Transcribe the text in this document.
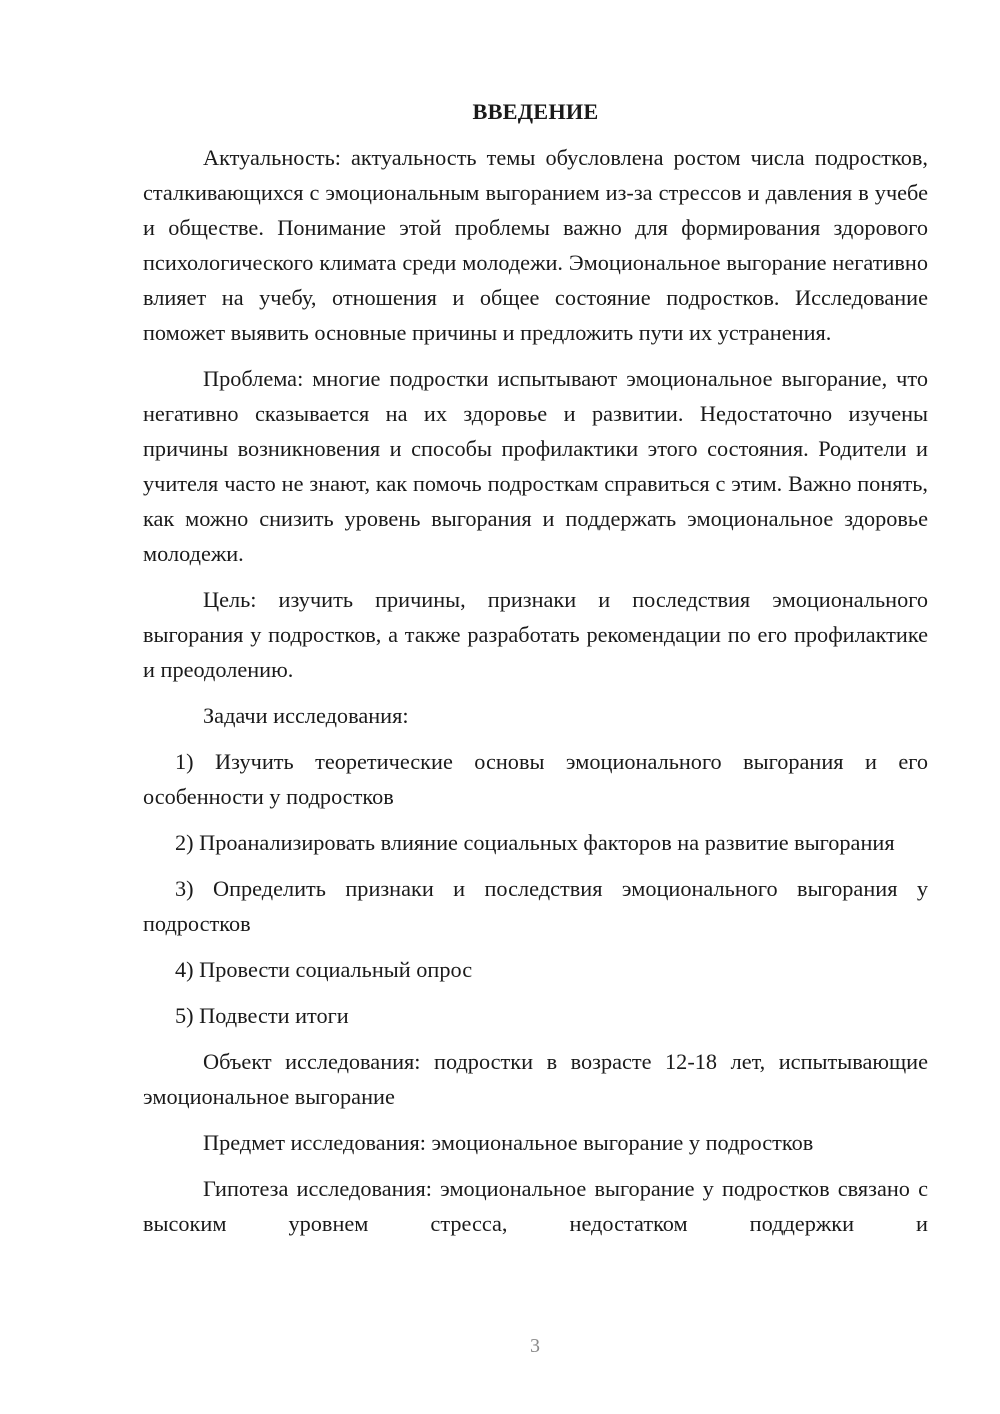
ВВЕДЕНИЕ

Актуальность: актуальность темы обусловлена ростом числа подростков, сталкивающихся с эмоциональным выгоранием из-за стрессов и давления в учебе и обществе. Понимание этой проблемы важно для формирования здорового психологического климата среди молодежи. Эмоциональное выгорание негативно влияет на учебу, отношения и общее состояние подростков. Исследование поможет выявить основные причины и предложить пути их устранения.

Проблема: многие подростки испытывают эмоциональное выгорание, что негативно сказывается на их здоровье и развитии. Недостаточно изучены причины возникновения и способы профилактики этого состояния. Родители и учителя часто не знают, как помочь подросткам справиться с этим. Важно понять, как можно снизить уровень выгорания и поддержать эмоциональное здоровье молодежи.

Цель: изучить причины, признаки и последствия эмоционального выгорания у подростков, а также разработать рекомендации по его профилактике и преодолению.

Задачи исследования:

1) Изучить теоретические основы эмоционального выгорания и его особенности у подростков

2) Проанализировать влияние социальных факторов на развитие выгорания

3) Определить признаки и последствия эмоционального выгорания у подростков

4) Провести социальный опрос

5) Подвести итоги

Объект исследования: подростки в возрасте 12-18 лет, испытывающие эмоциональное выгорание

Предмет исследования: эмоциональное выгорание у подростков

Гипотеза исследования: эмоциональное выгорание у подростков связано с высоким уровнем стресса, недостатком поддержки и

3
